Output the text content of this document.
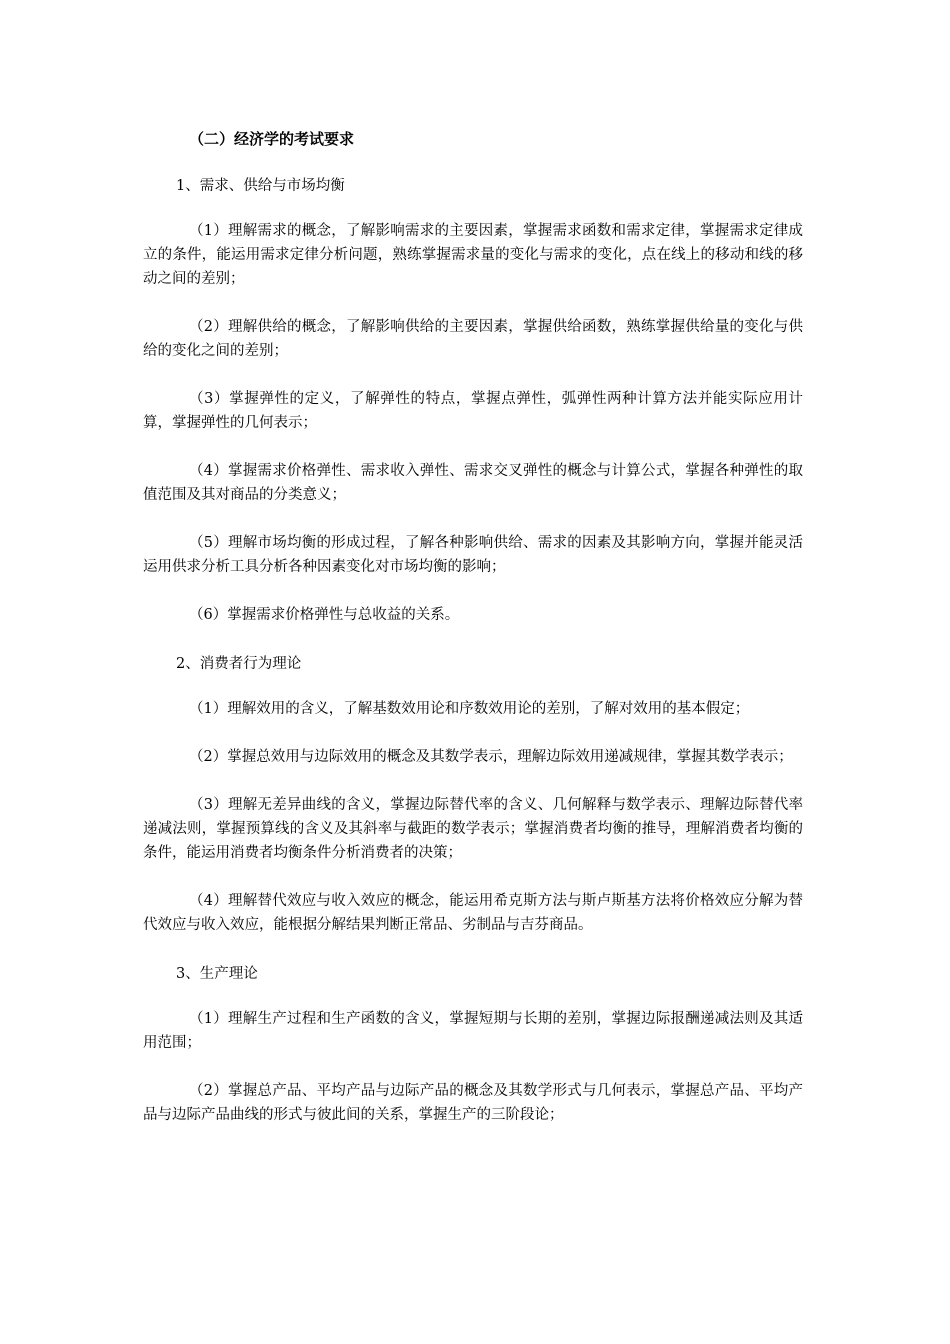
（二）经济学的考试要求

1、需求、供给与市场均衡

（1）理解需求的概念，了解影响需求的主要因素，掌握需求函数和需求定律，掌握需求定律成立的条件，能运用需求定律分析问题，熟练掌握需求量的变化与需求的变化，点在线上的移动和线的移动之间的差别；

（2）理解供给的概念，了解影响供给的主要因素，掌握供给函数，熟练掌握供给量的变化与供给的变化之间的差别；

（3）掌握弹性的定义，了解弹性的特点，掌握点弹性，弧弹性两种计算方法并能实际应用计算，掌握弹性的几何表示；

（4）掌握需求价格弹性、需求收入弹性、需求交叉弹性的概念与计算公式，掌握各种弹性的取值范围及其对商品的分类意义；

（5）理解市场均衡的形成过程，了解各种影响供给、需求的因素及其影响方向，掌握并能灵活运用供求分析工具分析各种因素变化对市场均衡的影响；

（6）掌握需求价格弹性与总收益的关系。

2、消费者行为理论

（1）理解效用的含义，了解基数效用论和序数效用论的差别，了解对效用的基本假定；

（2）掌握总效用与边际效用的概念及其数学表示，理解边际效用递减规律，掌握其数学表示；

（3）理解无差异曲线的含义，掌握边际替代率的含义、几何解释与数学表示、理解边际替代率递减法则，掌握预算线的含义及其斜率与截距的数学表示；掌握消费者均衡的推导，理解消费者均衡的条件，能运用消费者均衡条件分析消费者的决策；

（4）理解替代效应与收入效应的概念，能运用希克斯方法与斯卢斯基方法将价格效应分解为替代效应与收入效应，能根据分解结果判断正常品、劣制品与吉芬商品。

3、生产理论

（1）理解生产过程和生产函数的含义，掌握短期与长期的差别，掌握边际报酬递减法则及其适用范围；

（2）掌握总产品、平均产品与边际产品的概念及其数学形式与几何表示，掌握总产品、平均产品与边际产品曲线的形式与彼此间的关系，掌握生产的三阶段论；
